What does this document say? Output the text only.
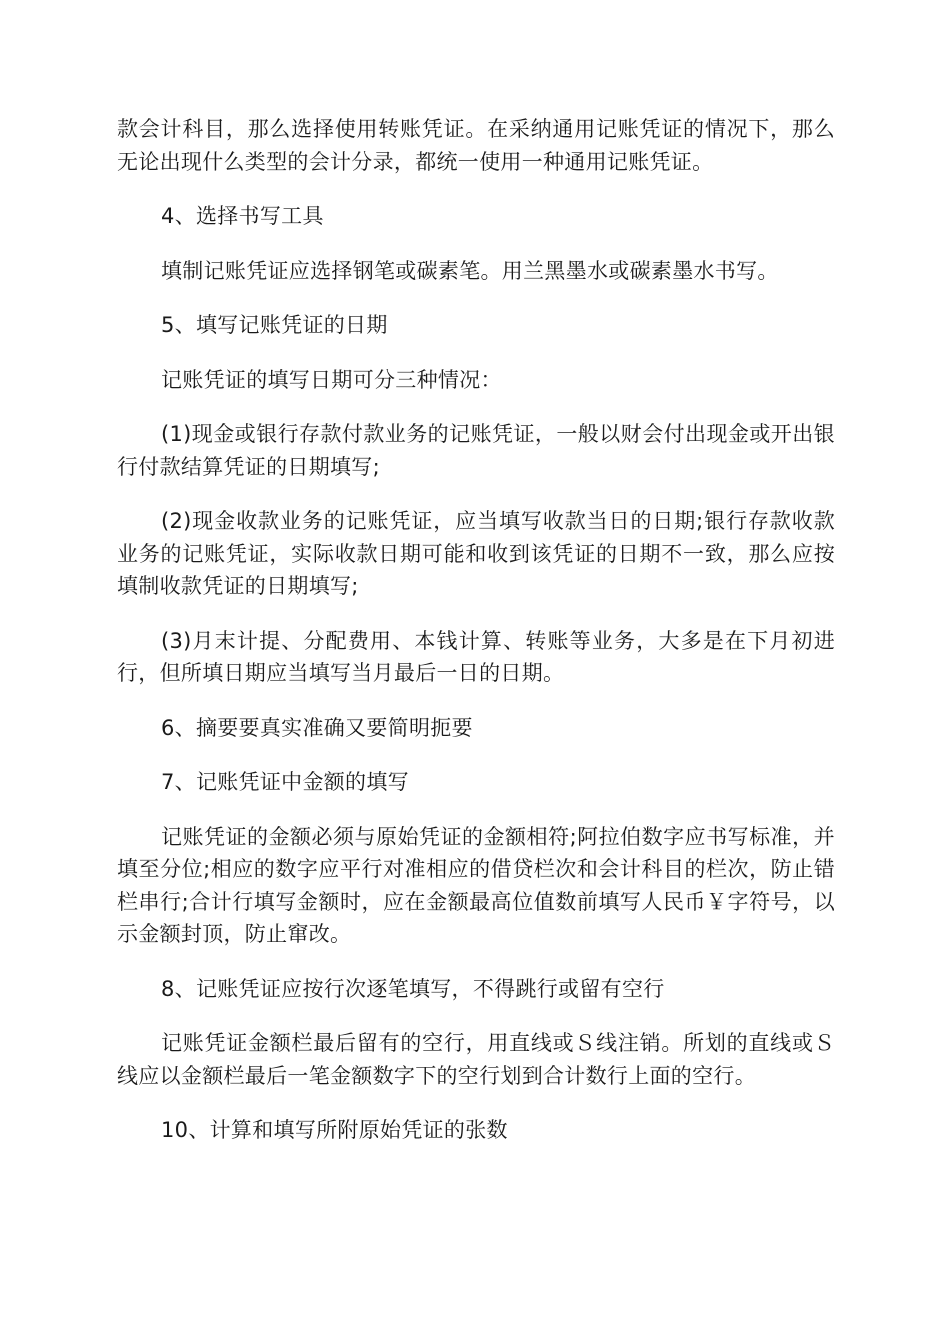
款会计科目，那么选择使用转账凭证。在采纳通用记账凭证的情况下，那么无论出现什么类型的会计分录，都统一使用一种通用记账凭证。

4、选择书写工具

填制记账凭证应选择钢笔或碳素笔。用兰黑墨水或碳素墨水书写。

5、填写记账凭证的日期

记账凭证的填写日期可分三种情况：

(1)现金或银行存款付款业务的记账凭证，一般以财会付出现金或开出银行付款结算凭证的日期填写;

(2)现金收款业务的记账凭证，应当填写收款当日的日期;银行存款收款业务的记账凭证，实际收款日期可能和收到该凭证的日期不一致，那么应按填制收款凭证的日期填写;

(3)月末计提、分配费用、本钱计算、转账等业务，大多是在下月初进行，但所填日期应当填写当月最后一日的日期。

6、摘要要真实准确又要简明扼要

7、记账凭证中金额的填写

记账凭证的金额必须与原始凭证的金额相符;阿拉伯数字应书写标准，并填至分位;相应的数字应平行对准相应的借贷栏次和会计科目的栏次，防止错栏串行;合计行填写金额时，应在金额最高位值数前填写人民币￥字符号，以示金额封顶，防止窜改。

8、记账凭证应按行次逐笔填写，不得跳行或留有空行

记账凭证金额栏最后留有的空行，用直线或Ｓ线注销。所划的直线或Ｓ线应以金额栏最后一笔金额数字下的空行划到合计数行上面的空行。

10、计算和填写所附原始凭证的张数
